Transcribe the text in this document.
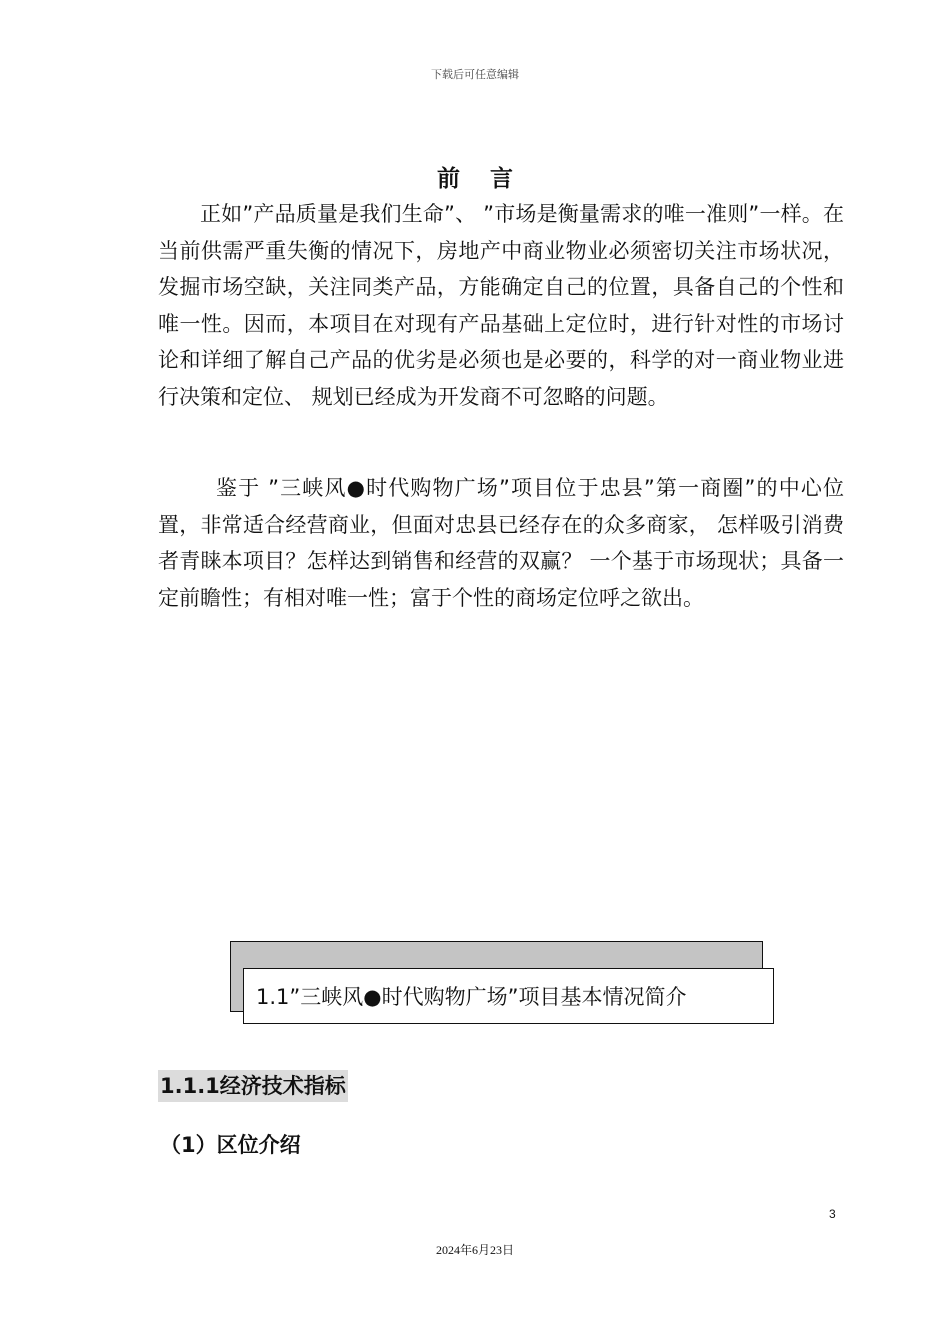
下载后可任意编辑
前言
正如”产品质量是我们生命”、 ”市场是衡量需求的唯一准则”一样。在当前供需严重失衡的情况下，房地产中商业物业必须密切关注市场状况，发掘市场空缺，关注同类产品，方能确定自己的位置，具备自己的个性和唯一性。因而，本项目在对现有产品基础上定位时，进行针对性的市场讨论和详细了解自己产品的优劣是必须也是必要的，科学的对一商业物业进行决策和定位、 规划已经成为开发商不可忽略的问题。
鉴于 ”三峡风●时代购物广场”项目位于忠县”第一商圈”的中心位置，非常适合经营商业，但面对忠县已经存在的众多商家， 怎样吸引消费者青睐本项目？怎样达到销售和经营的双赢？ 一个基于市场现状；具备一定前瞻性；有相对唯一性；富于个性的商场定位呼之欲出。
1.1”三峡风●时代购物广场”项目基本情况简介
1.1.1经济技术指标
（1）区位介绍
3
2024年6月23日
